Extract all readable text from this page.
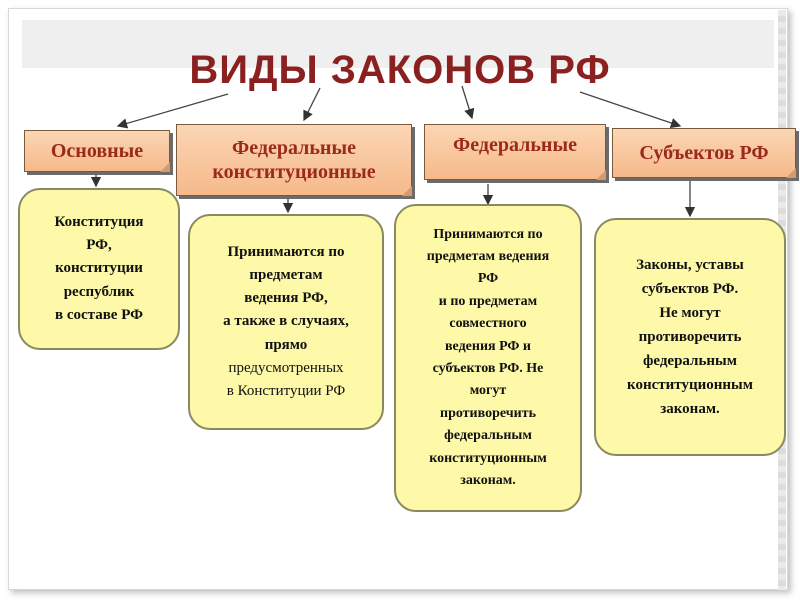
ВИДЫ ЗАКОНОВ РФ
Основные	Федеральные
конституционные
Федеральные	Субъектов РФ
Конституция
РФ,
конституции
республик
в составе РФ
Принимаются по
предметам
ведения РФ,
а также в случаях,
прямо
предусмотренных
в Конституции РФ
Принимаются по
предметам ведения
РФ
и по предметам
совместного
ведения РФ и
субъектов РФ. Не
могут
противоречить
федеральным
конституционным
законам.
Законы, уставы
субъектов РФ.
Не могут
противоречить
федеральным
конституционным
законам.
